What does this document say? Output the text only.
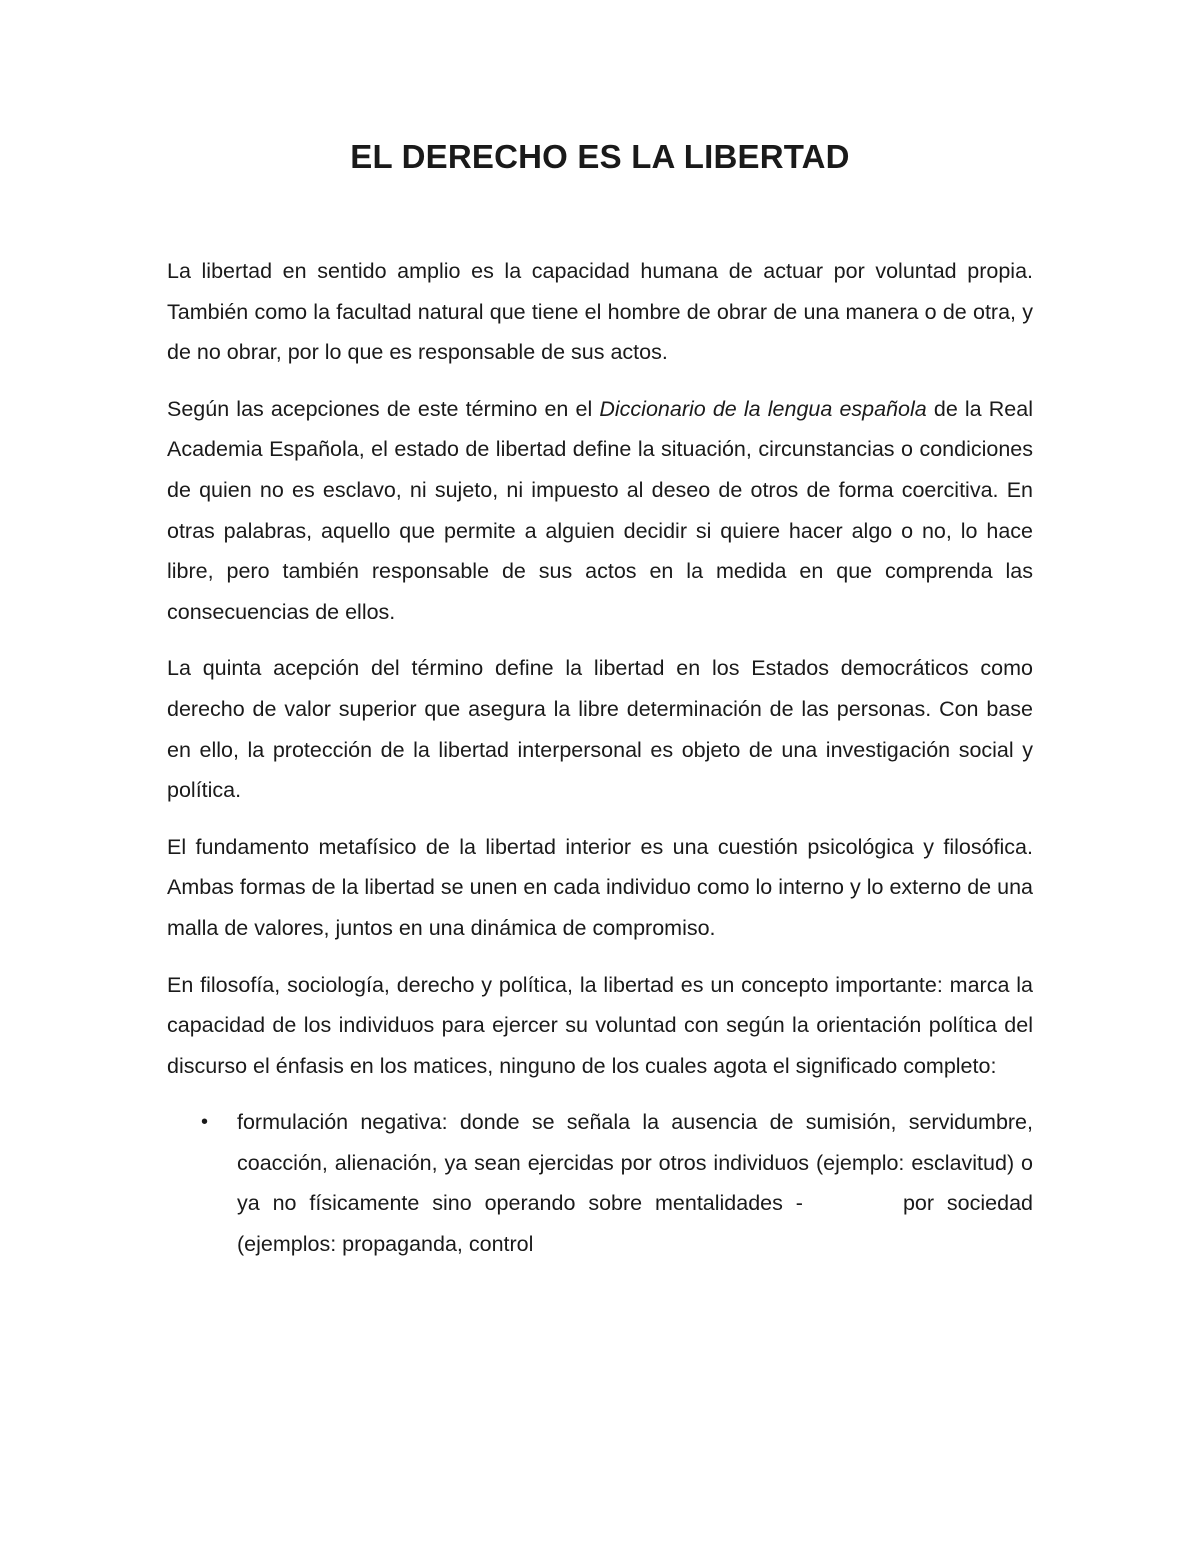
EL DERECHO ES LA LIBERTAD

La libertad en sentido amplio es la capacidad humana de actuar por voluntad propia. También como la facultad natural que tiene el hombre de obrar de una manera o de otra, y de no obrar, por lo que es responsable de sus actos.

Según las acepciones de este término en el Diccionario de la lengua española de la Real Academia Española, el estado de libertad define la situación, circunstancias o condiciones de quien no es esclavo, ni sujeto, ni impuesto al deseo de otros de forma coercitiva. En otras palabras, aquello que permite a alguien decidir si quiere hacer algo o no, lo hace libre, pero también responsable de sus actos en la medida en que comprenda las consecuencias de ellos.

La quinta acepción del término define la libertad en los Estados democráticos como derecho de valor superior que asegura la libre determinación de las personas. Con base en ello, la protección de la libertad interpersonal es objeto de una investigación social y política.

El fundamento metafísico de la libertad interior es una cuestión psicológica y filosófica. Ambas formas de la libertad se unen en cada individuo como lo interno y lo externo de una malla de valores, juntos en una dinámica de compromiso.

En filosofía, sociología, derecho y política, la libertad es un concepto importante: marca la capacidad de los individuos para ejercer su voluntad con según la orientación política del discurso el énfasis en los matices, ninguno de los cuales agota el significado completo:

• formulación negativa: donde se señala la ausencia de sumisión, servidumbre, coacción, alienación, ya sean ejercidas por otros individuos (ejemplo: esclavitud) o ya no físicamente sino operando sobre mentalidades -	por sociedad (ejemplos: propaganda, control
